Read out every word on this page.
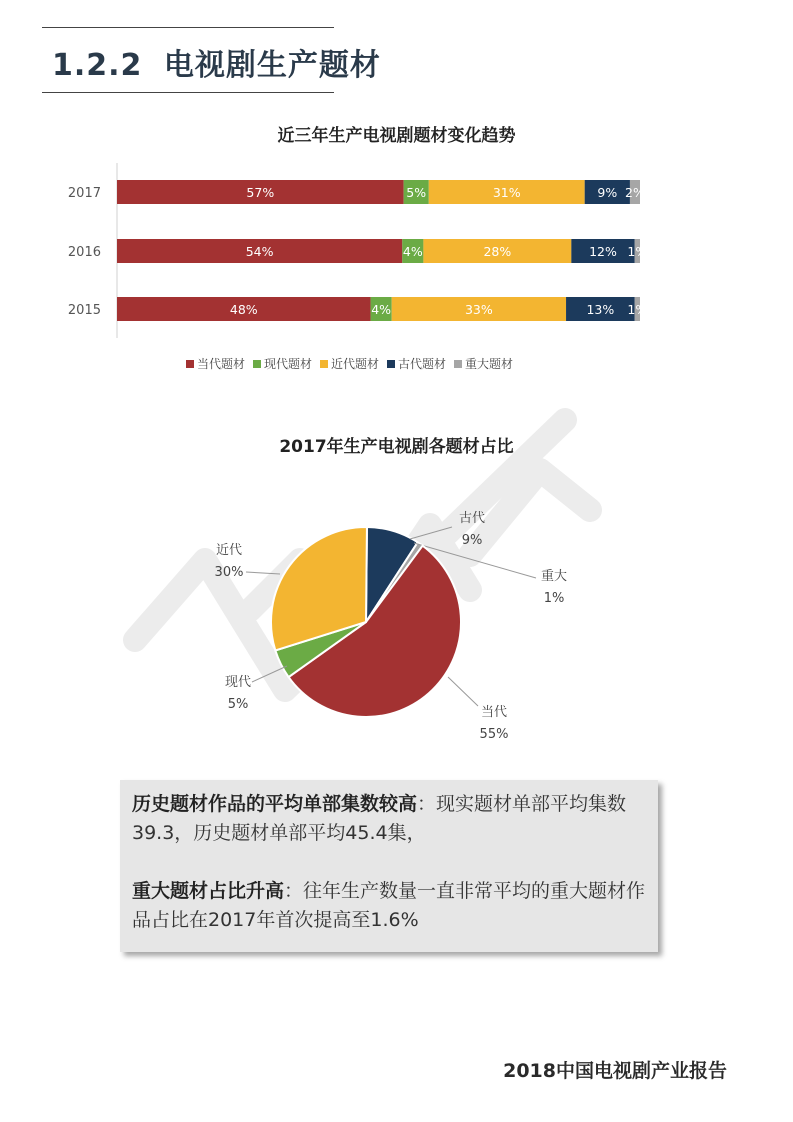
1.2.2 电视剧生产题材
近三年生产电视剧题材变化趋势
2017	57%	5%	31%	9% 2%
2016	54%	4%	28%	12% 1%
2015	48%	4%	33%	13% 1%
当代题材 现代题材 近代题材 古代题材 重大题材
2017年生产电视剧各题材占比
古代
9%
重大
1%
当代
55%
现代
5%
近代
30%

历史题材作品的平均单部集数较高：现实题材单部平均集数39.3，历史题材单部平均45.4集，

重大题材占比升高：往年生产数量一直非常平均的重大题材作品占比在2017年首次提高至1.6%

2018中国电视剧产业报告
